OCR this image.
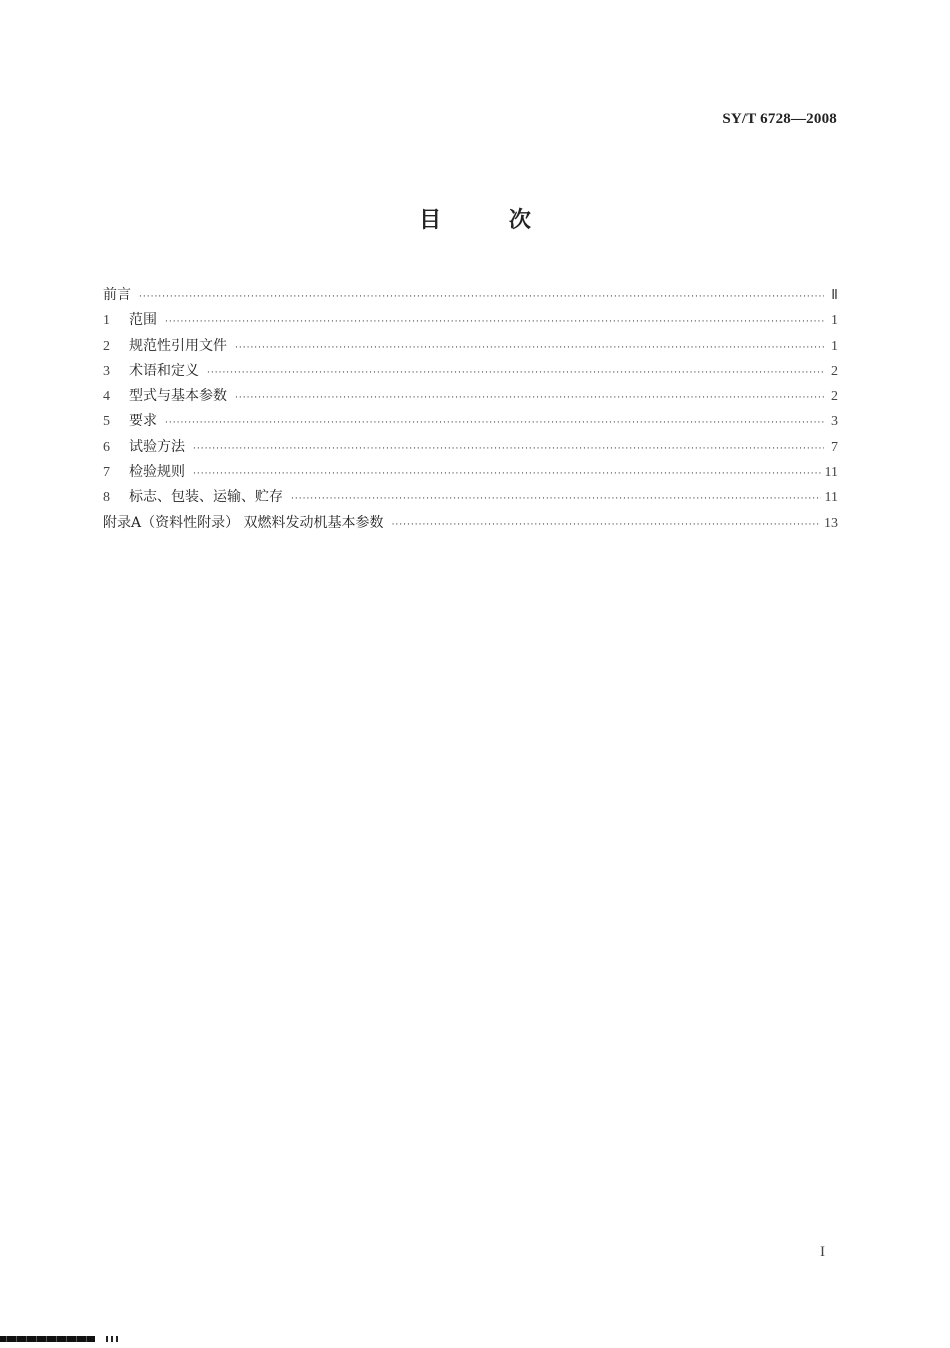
SY/T 6728—2008
目	次
前言 ·····	Ⅱ
1	范围 ·····	1
2	规范性引用文件 ·····	1
3	术语和定义 ·····	2
4	型式与基本参数 ·····	2
5	要求 ·····	3
6	试验方法 ·····	7
7	检验规则 ·····	11
8	标志、包装、运输、贮存 ·····	11
附录A（资料性附录） 双燃料发动机基本参数 ·····	13
I
